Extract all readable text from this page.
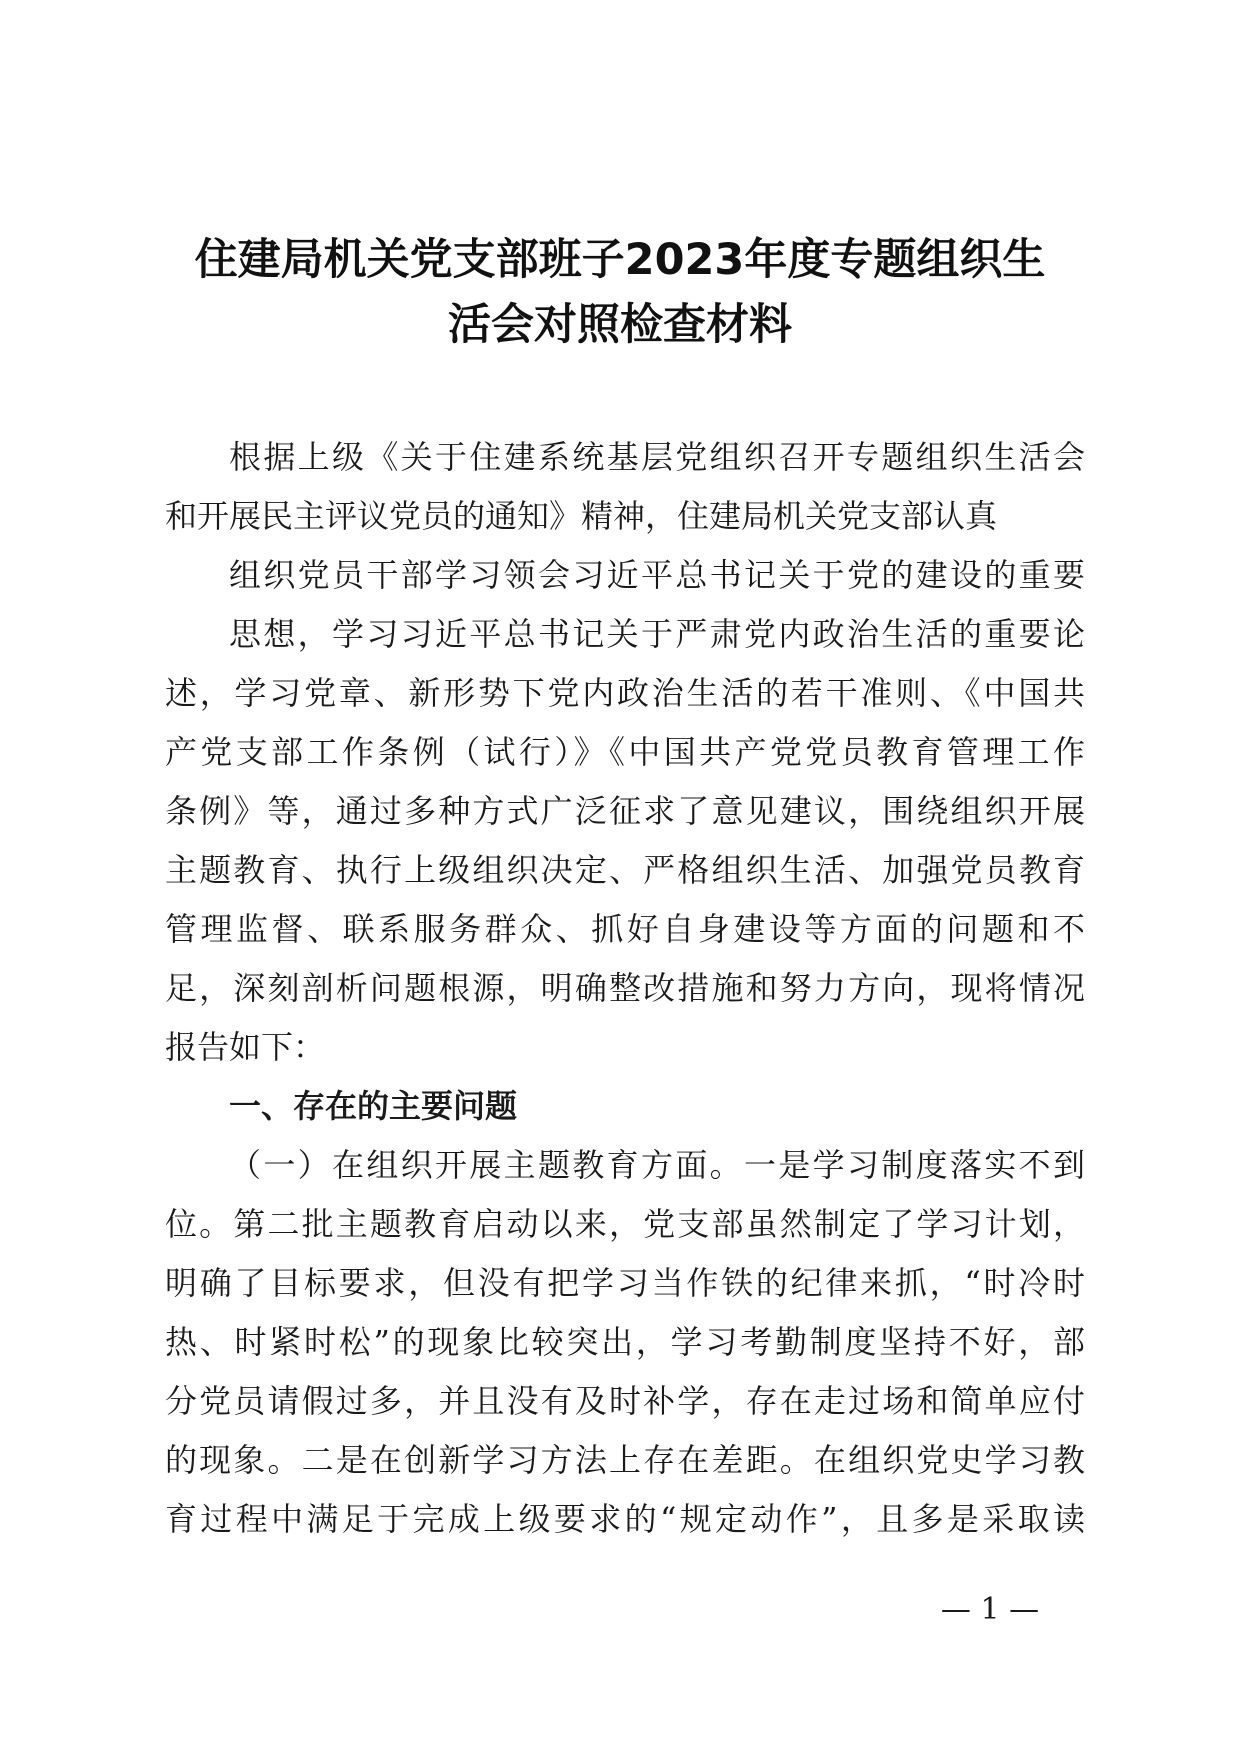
住建局机关党支部班子2023年度专题组织生
活会对照检查材料
根据上级《关于住建系统基层党组织召开专题组织生活会
和开展民主评议党员的通知》精神，住建局机关党支部认真
组织党员干部学习领会习近平总书记关于党的建设的重要
思想，学习习近平总书记关于严肃党内政治生活的重要论
述，学习党章、新形势下党内政治生活的若干准则、《中国共
产党支部工作条例（试行）》《中国共产党党员教育管理工作
条例》等，通过多种方式广泛征求了意见建议，围绕组织开展
主题教育、执行上级组织决定、严格组织生活、加强党员教育
管理监督、联系服务群众、抓好自身建设等方面的问题和不
足，深刻剖析问题根源，明确整改措施和努力方向，现将情况
报告如下：
一、存在的主要问题
（一）在组织开展主题教育方面。一是学习制度落实不到
位。第二批主题教育启动以来，党支部虽然制定了学习计划，
明确了目标要求，但没有把学习当作铁的纪律来抓，“时冷时
热、时紧时松”的现象比较突出，学习考勤制度坚持不好，部
分党员请假过多，并且没有及时补学，存在走过场和简单应付
的现象。二是在创新学习方法上存在差距。在组织党史学习教
育过程中满足于完成上级要求的“规定动作”，且多是采取读
— 1 —
